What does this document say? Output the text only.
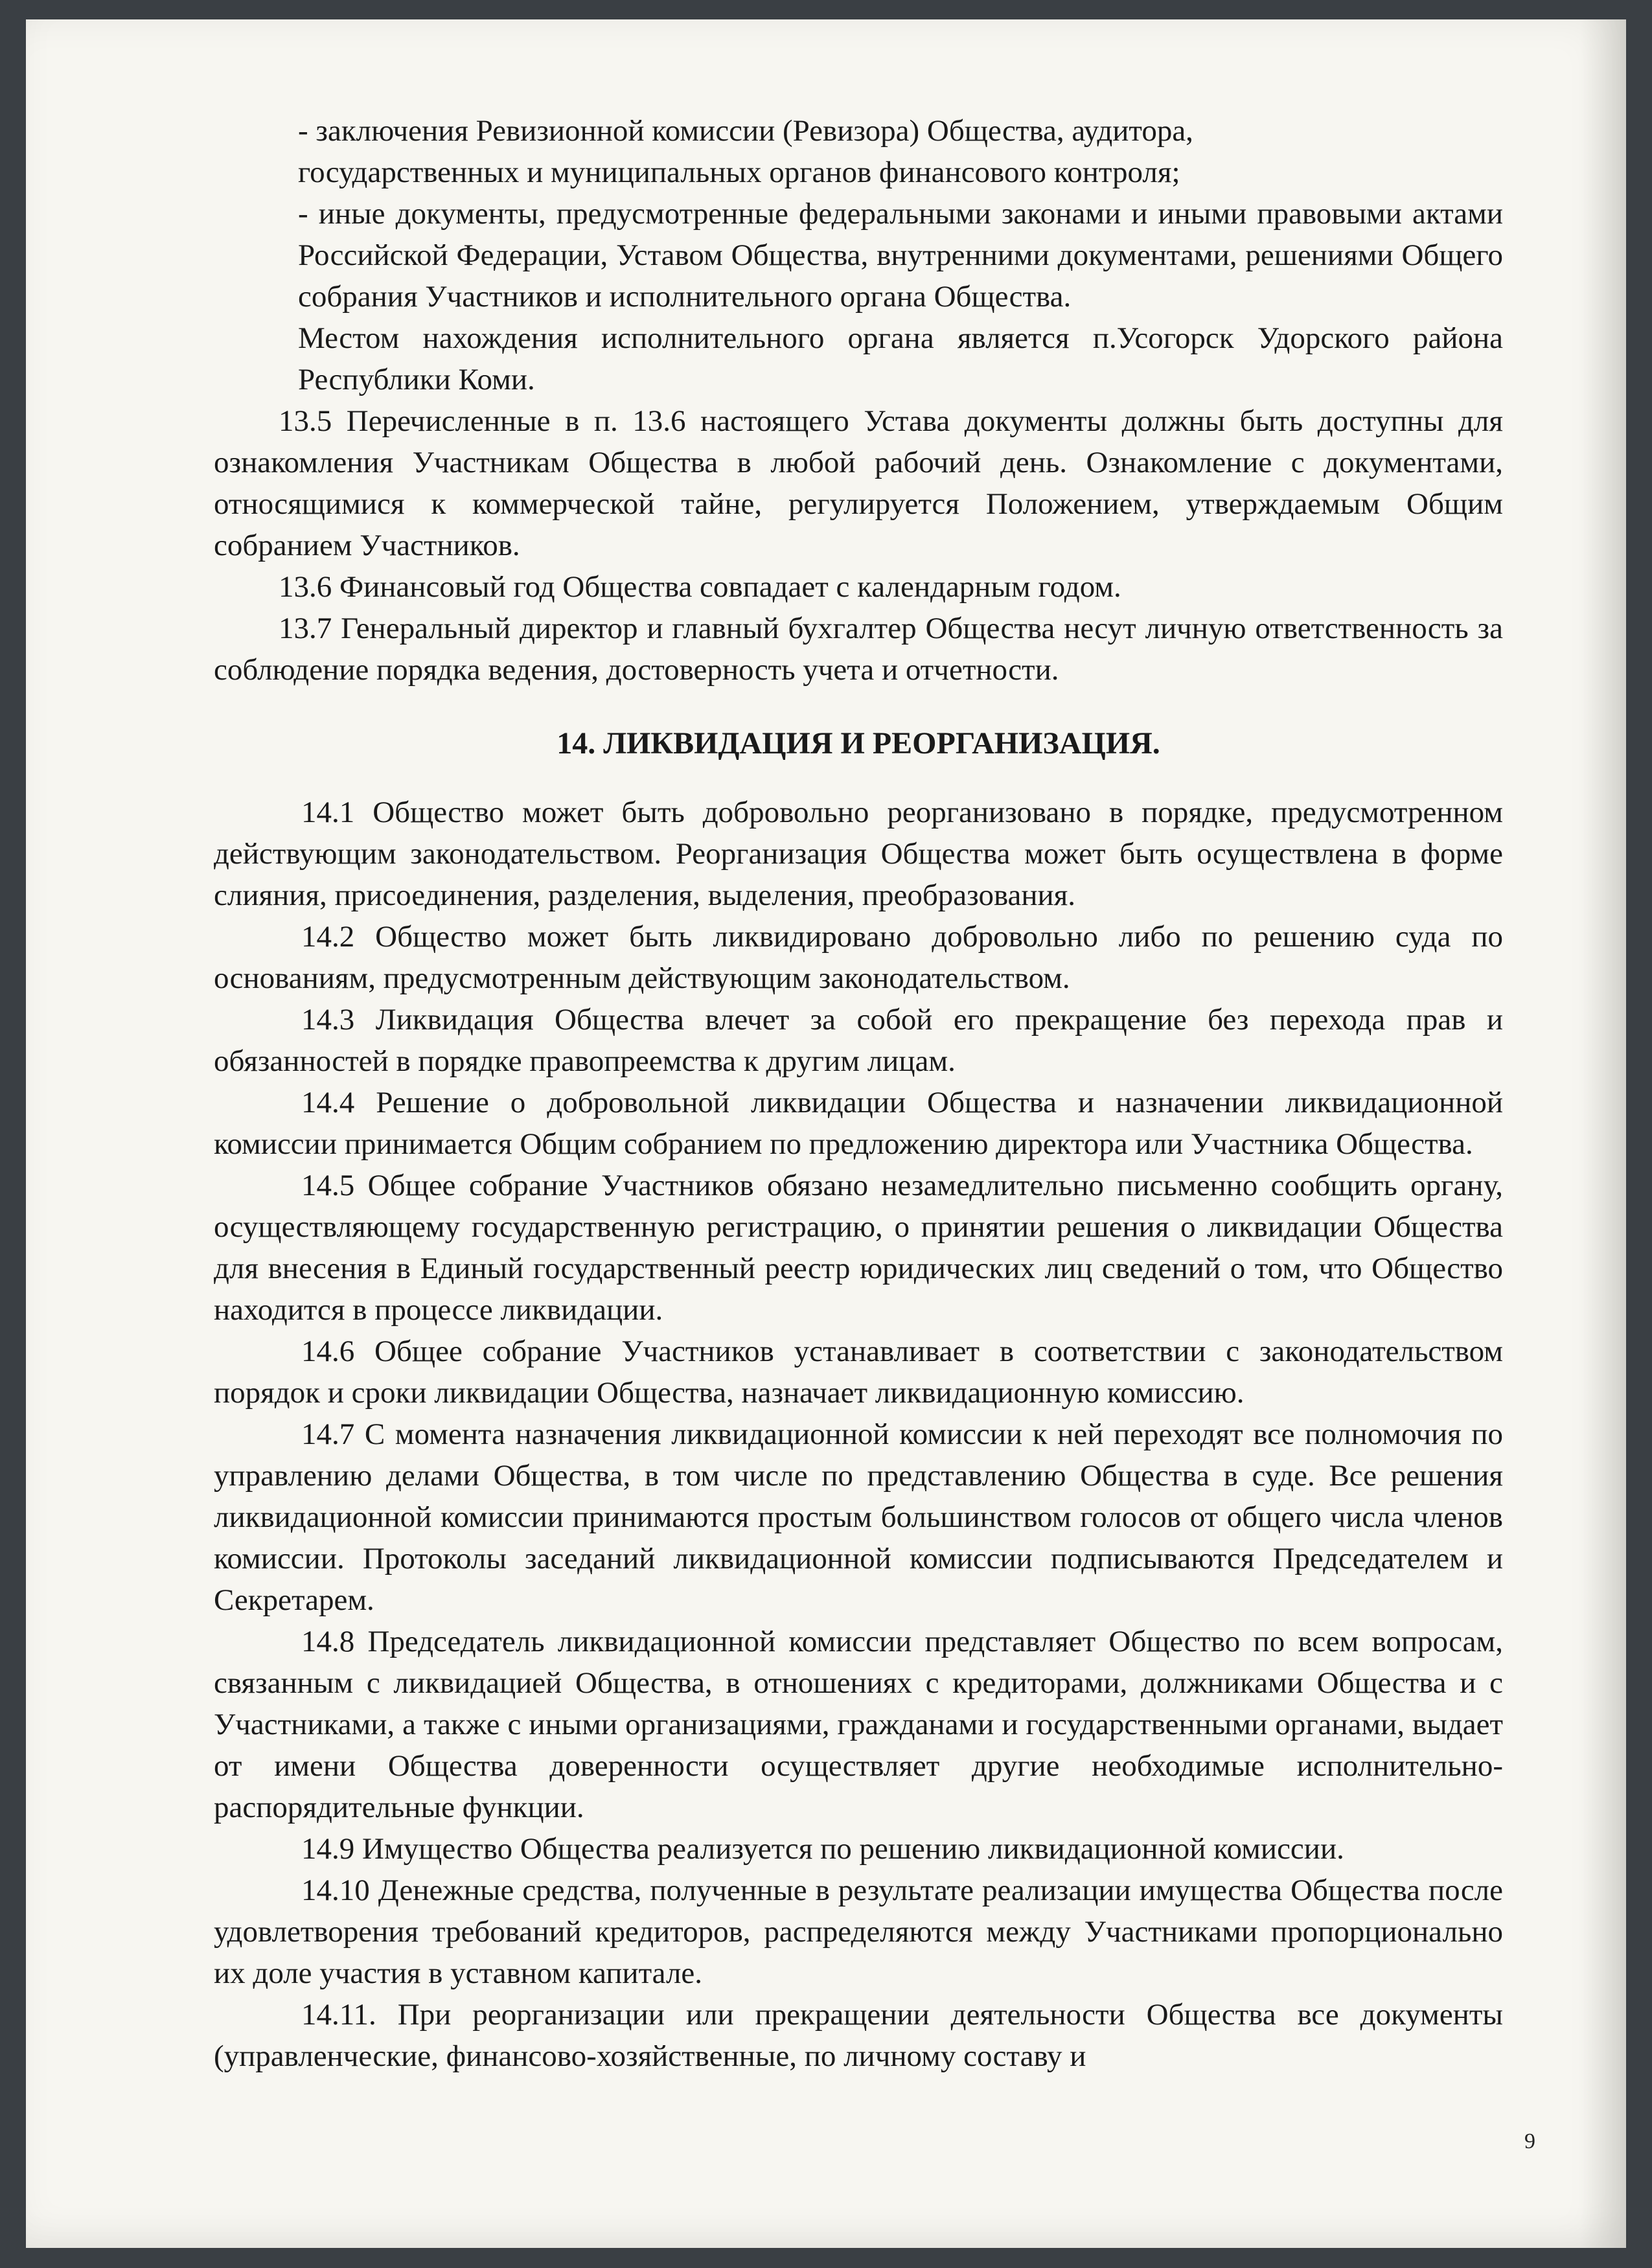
- заключения Ревизионной комиссии (Ревизора) Общества, аудитора,

государственных и муниципальных органов финансового контроля;

- иные документы, предусмотренные федеральными законами и иными правовыми актами Российской Федерации, Уставом Общества, внутренними документами, решениями Общего собрания Участников и исполнительного органа Общества.

Местом нахождения исполнительного органа является п.Усогорск Удорского района Республики Коми.

13.5 Перечисленные в п. 13.6 настоящего Устава документы должны быть доступны для ознакомления Участникам Общества в любой рабочий день. Ознакомление с документами, относящимися к коммерческой тайне, регулируется Положением, утверждаемым Общим собранием Участников.

13.6 Финансовый год Общества совпадает с календарным годом.

13.7 Генеральный директор и главный бухгалтер Общества несут личную ответственность за соблюдение порядка ведения, достоверность учета и отчетности.

14. ЛИКВИДАЦИЯ И РЕОРГАНИЗАЦИЯ.

14.1 Общество может быть добровольно реорганизовано в порядке, предусмотренном действующим законодательством. Реорганизация Общества может быть осуществлена в форме слияния, присоединения, разделения, выделения, преобразования.

14.2 Общество может быть ликвидировано добровольно либо по решению суда по основаниям, предусмотренным действующим законодательством.

14.3 Ликвидация Общества влечет за собой его прекращение без перехода прав и обязанностей в порядке правопреемства к другим лицам.

14.4 Решение о добровольной ликвидации Общества и назначении ликвидационной комиссии принимается Общим собранием по предложению директора или Участника Общества.

14.5 Общее собрание Участников обязано незамедлительно письменно сообщить органу, осуществляющему государственную регистрацию, о принятии решения о ликвидации Общества для внесения в Единый государственный реестр юридических лиц сведений о том, что Общество находится в процессе ликвидации.

14.6 Общее собрание Участников устанавливает в соответствии с законодательством порядок и сроки ликвидации Общества, назначает ликвидационную комиссию.

14.7 С момента назначения ликвидационной комиссии к ней переходят все полномочия по управлению делами Общества, в том числе по представлению Общества в суде. Все решения ликвидационной комиссии принимаются простым большинством голосов от общего числа членов комиссии. Протоколы заседаний ликвидационной комиссии подписываются Председателем и Секретарем.

14.8 Председатель ликвидационной комиссии представляет Общество по всем вопросам, связанным с ликвидацией Общества, в отношениях с кредиторами, должниками Общества и с Участниками, а также с иными организациями, гражданами и государственными органами, выдает от имени Общества доверенности осуществляет другие необходимые исполнительно-распорядительные функции.

14.9 Имущество Общества реализуется по решению ликвидационной комиссии.

14.10 Денежные средства, полученные в результате реализации имущества Общества после удовлетворения требований кредиторов, распределяются между Участниками пропорционально их доле участия в уставном капитале.

14.11. При реорганизации или прекращении деятельности Общества все документы (управленческие, финансово-хозяйственные, по личному составу и

9
